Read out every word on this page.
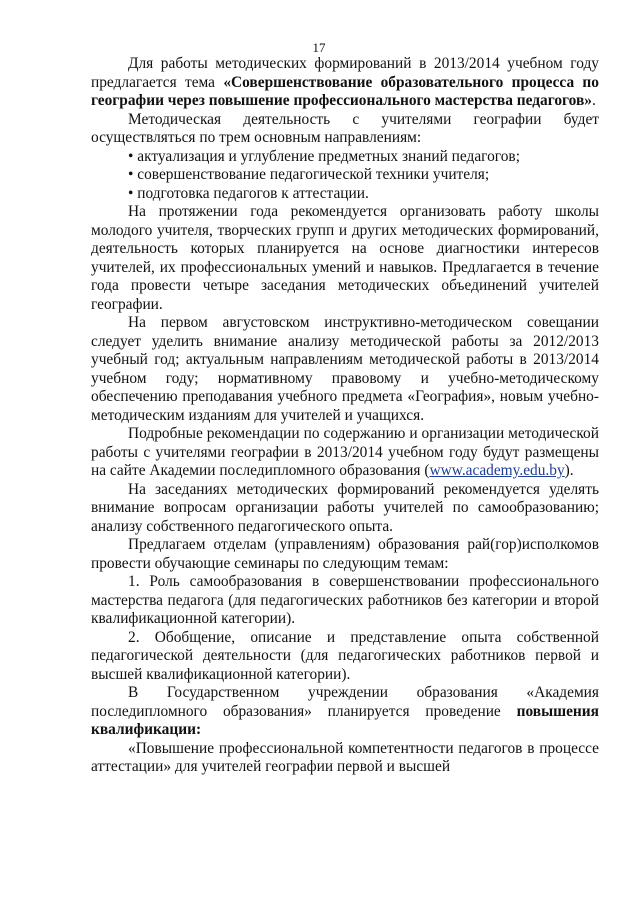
17

Для работы методических формирований в 2013/2014 учебном году предлагается тема «Совершенствование образовательного процесса по географии через повышение профессионального мастерства педагогов».

Методическая деятельность с учителями географии будет осуществляться по трем основным направлениям:

• актуализация и углубление предметных знаний педагогов;

• совершенствование педагогической техники учителя;

• подготовка педагогов к аттестации.

На протяжении года рекомендуется организовать работу школы молодого учителя, творческих групп и других методических формирований, деятельность которых планируется на основе диагностики интересов учителей, их профессиональных умений и навыков. Предлагается в течение года провести четыре заседания методических объединений учителей географии.

На первом августовском инструктивно-методическом совещании следует уделить внимание анализу методической работы за 2012/2013 учебный год; актуальным направлениям методической работы в 2013/2014 учебном году; нормативному правовому и учебно-методическому обеспечению преподавания учебного предмета «География», новым учебно-методическим изданиям для учителей и учащихся.

Подробные рекомендации по содержанию и организации методической работы с учителями географии в 2013/2014 учебном году будут размещены на сайте Академии последипломного образования (www.academy.edu.by).

На заседаниях методических формирований рекомендуется уделять внимание вопросам организации работы учителей по самообразованию; анализу собственного педагогического опыта.

Предлагаем отделам (управлениям) образования рай(гор)исполкомов провести обучающие семинары по следующим темам:

1. Роль самообразования в совершенствовании профессионального мастерства педагога (для педагогических работников без категории и второй квалификационной категории).

2. Обобщение, описание и представление опыта собственной педагогической деятельности (для педагогических работников первой и высшей квалификационной категории).

В Государственном учреждении образования «Академия последипломного образования» планируется проведение повышения квалификации:

«Повышение профессиональной компетентности педагогов в процессе аттестации» для учителей географии первой и высшей
